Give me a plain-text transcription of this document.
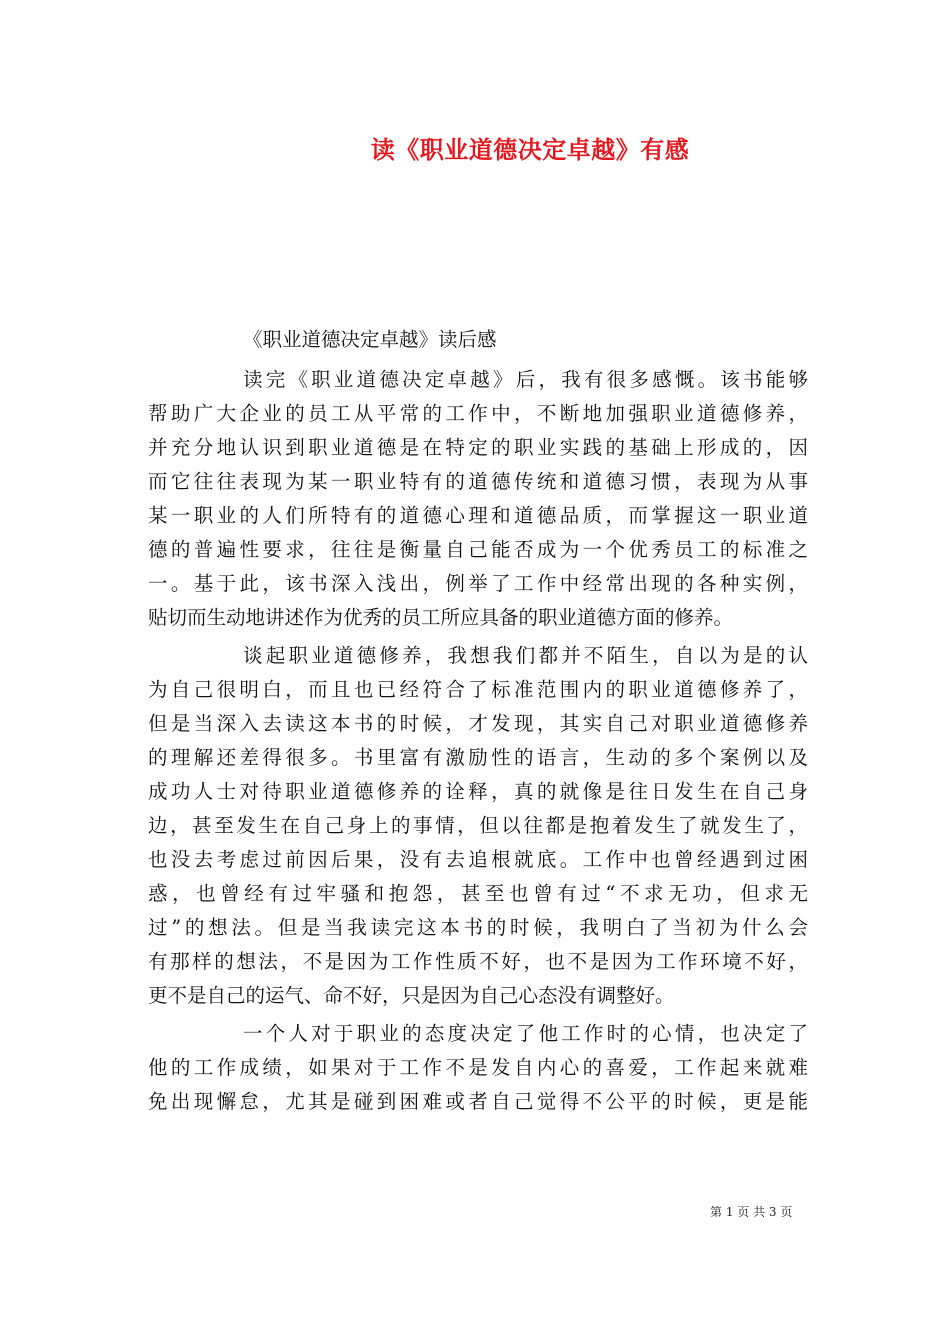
读《职业道德决定卓越》有感
《职业道德决定卓越》读后感
读完《职业道德决定卓越》后，我有很多感慨。该书能够
帮助广大企业的员工从平常的工作中，不断地加强职业道德修养，
并充分地认识到职业道德是在特定的职业实践的基础上形成的，因
而它往往表现为某一职业特有的道德传统和道德习惯，表现为从事
某一职业的人们所特有的道德心理和道德品质，而掌握这一职业道
德的普遍性要求，往往是衡量自己能否成为一个优秀员工的标准之
一。基于此，该书深入浅出，例举了工作中经常出现的各种实例，
贴切而生动地讲述作为优秀的员工所应具备的职业道德方面的修养。
谈起职业道德修养，我想我们都并不陌生，自以为是的认
为自己很明白，而且也已经符合了标准范围内的职业道德修养了，
但是当深入去读这本书的时候，才发现，其实自己对职业道德修养
的理解还差得很多。书里富有激励性的语言，生动的多个案例以及
成功人士对待职业道德修养的诠释，真的就像是往日发生在自己身
边，甚至发生在自己身上的事情，但以往都是抱着发生了就发生了，
也没去考虑过前因后果，没有去追根就底。工作中也曾经遇到过困
惑，也曾经有过牢骚和抱怨，甚至也曾有过“不求无功，但求无
过”的想法。但是当我读完这本书的时候，我明白了当初为什么会
有那样的想法，不是因为工作性质不好，也不是因为工作环境不好，
更不是自己的运气、命不好，只是因为自己心态没有调整好。
一个人对于职业的态度决定了他工作时的心情，也决定了
他的工作成绩，如果对于工作不是发自内心的喜爱，工作起来就难
免出现懈怠，尤其是碰到困难或者自己觉得不公平的时候，更是能
第 1 页 共 3 页
